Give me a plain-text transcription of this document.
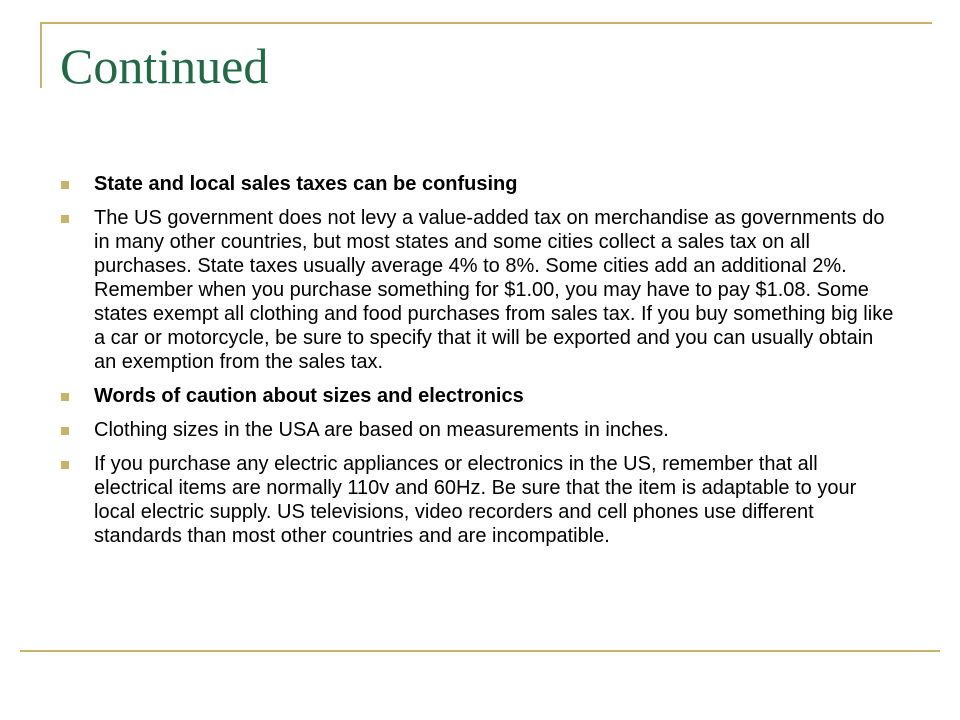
Continued
State and local sales taxes can be confusing
The US government does not levy a value-added tax on merchandise as governments do in many other countries, but most states and some cities collect a sales tax on all purchases. State taxes usually average 4% to 8%. Some cities add an additional 2%. Remember when you purchase something for $1.00, you may have to pay $1.08. Some states exempt all clothing and food purchases from sales tax. If you buy something big like a car or motorcycle, be sure to specify that it will be exported and you can usually obtain an exemption from the sales tax.
Words of caution about sizes and electronics
Clothing sizes in the USA are based on measurements in inches.
If you purchase any electric appliances or electronics in the US, remember that all electrical items are normally 110v and 60Hz. Be sure that the item is adaptable to your local electric supply. US televisions, video recorders and cell phones use different standards than most other countries and are incompatible.
